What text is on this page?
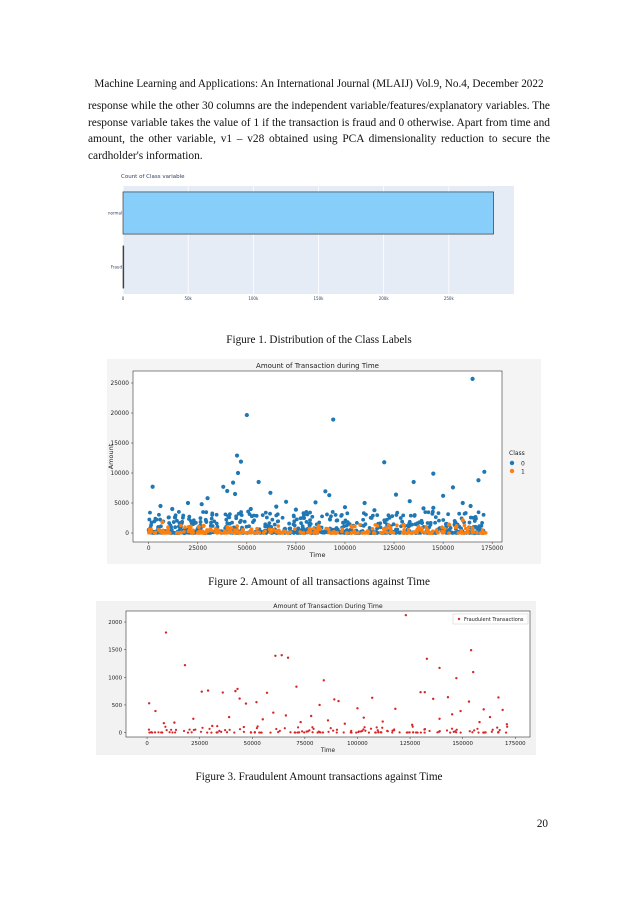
Machine Learning and Applications: An International Journal (MLAIJ) Vol.9, No.4, December 2022

response while the other 30 columns are the independent variable/features/explanatory variables. The response variable takes the value of 1 if the transaction is fraud and 0 otherwise. Apart from time and amount, the other variable, v1 – v28 obtained using PCA dimensionality reduction to secure the cardholder's information.

Count of Class variable
0	50k	100k	150k	200k	250k
normal
Fraud
Figure 1. Distribution of the Class Labels
Amount of Transaction during Time
0	25000	50000	75000	100000	125000	150000	175000
0
5000
10000
15000
20000
25000
Time
Amount	Class
0
1
Figure 2. Amount of all transactions against Time
Amount of Transaction During Time
0	25000	50000	75000	100000	125000	150000	175000
0
500
1000
1500
2000
Time
Fraudulent Transactions
Figure 3. Fraudulent Amount transactions against Time
20
